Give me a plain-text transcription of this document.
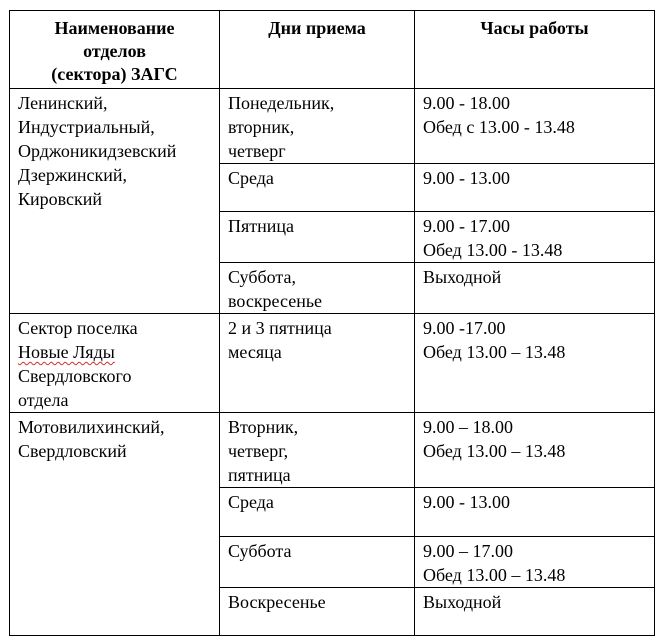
Наименование
отделов
(сектора) ЗАГС	Дни приема	Часы работы

Ленинский,
Индустриальный,
Орджоникидзевский
Дзержинский,
Кировский	Понедельник,
вторник,
четверг	9.00 - 18.00
Обед с 13.00 - 13.48

	Среда	9.00 - 13.00

	Пятница	9.00 - 17.00
Обед 13.00 - 13.48

	Суббота,
воскресенье	Выходной

Сектор поселка
Новые Ляды
Свердловского
отдела	2 и 3 пятница
месяца	9.00 -17.00
Обед 13.00 – 13.48

Мотовилихинский,
Свердловский	Вторник,
четверг,
пятница	9.00 – 18.00
Обед 13.00 – 13.48

	Среда	9.00 - 13.00

	Суббота	9.00 – 17.00
Обед 13.00 – 13.48

	Воскресенье	Выходной
